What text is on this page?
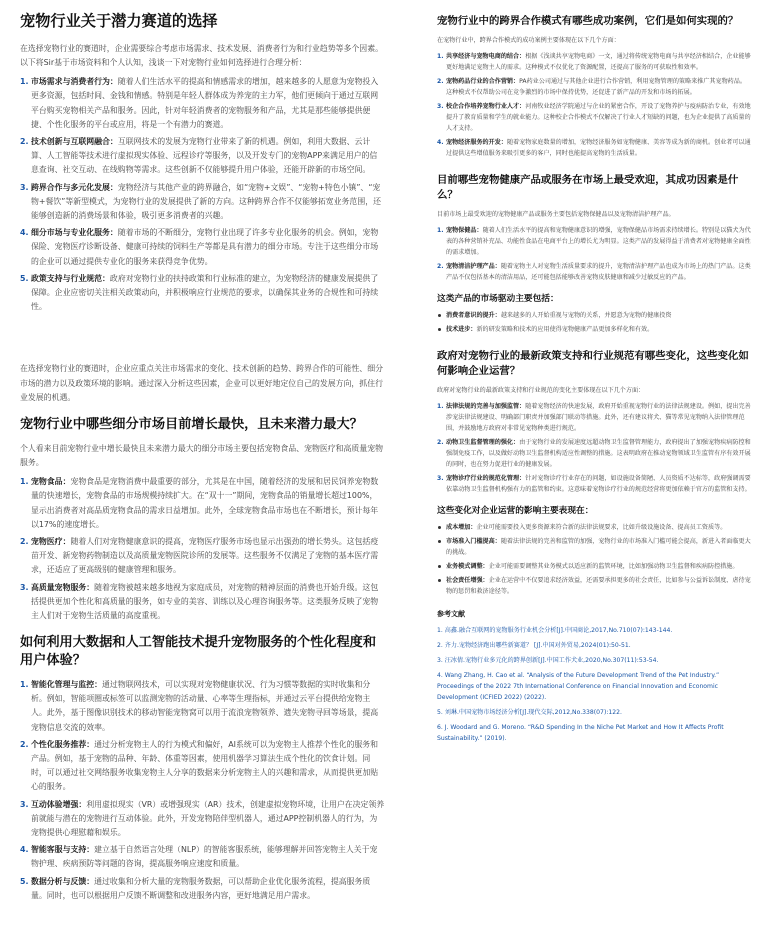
宠物行业关于潜力赛道的选择

在选择宠物行业的赛道时，企业需要综合考虑市场需求、技术发展、消费者行为和行业趋势等多个因素。以下将Sir基于市场资料和个人认知，浅谈一下对宠物行业如何选择进行合理分析：

1. 市场需求与消费者行为：随着人们生活水平的提高和情感需求的增加，越来越多的人愿意为宠物投入更多资源，包括时间、金钱和情感。特别是年轻人群体成为养宠的主力军，他们更倾向于通过互联网平台购买宠物相关产品和服务。因此，针对年轻消费者的宠物服务和产品，尤其是那些能够提供便捷、个性化服务的平台或应用，将是一个有潜力的赛道。
2. 技术创新与互联网融合：互联网技术的发展为宠物行业带来了新的机遇。例如，利用大数据、云计算、人工智能等技术进行虚拟现实体验、远程诊疗等服务，以及开发专门的宠物APP来满足用户的信息查询、社交互动、在线购物等需求。这些创新不仅能够提升用户体验，还能开辟新的市场空间。
3. 跨界合作与多元化发展：宠物经济与其他产业的跨界融合，如“宠物+文娱”、“宠物+特色小镇”、“宠物+餐饮”等新型模式，为宠物行业的发展提供了新的方向。这种跨界合作不仅能够拓宽业务范围，还能够创造新的消费场景和体验，吸引更多消费者的兴趣。
4. 细分市场与专业化服务：随着市场的不断细分，宠物行业出现了许多专业化服务的机会。例如，宠物保险、宠物医疗诊断设备、健康可持续的饲料生产等都是具有潜力的细分市场。专注于这些细分市场的企业可以通过提供专业化的服务来获得竞争优势。
5. 政策支持与行业规范：政府对宠物行业的扶持政策和行业标准的建立，为宠物经济的健康发展提供了保障。企业应密切关注相关政策动向，并积极响应行业规范的要求，以确保其业务的合规性和可持续性。

在选择宠物行业的赛道时，企业应重点关注市场需求的变化、技术创新的趋势、跨界合作的可能性、细分市场的潜力以及政策环境的影响。通过深入分析这些因素，企业可以更好地定位自己的发展方向，抓住行业发展的机遇。

宠物行业中哪些细分市场目前增长最快，且未来潜力最大？

个人看来目前宠物行业中增长最快且未来潜力最大的细分市场主要包括宠物食品、宠物医疗和高质量宠物服务。

1. 宠物食品：宠物食品是宠物消费中最重要的部分，尤其是在中国，随着经济的发展和居民饲养宠物数量的快速增长，宠物食品的市场规模持续扩大。在“双十一”期间，宠物食品的销量增长超过100%，显示出消费者对高品质宠物食品的需求日益增加。此外，全球宠物食品市场也在不断增长，预计每年以17%的速度增长。
2. 宠物医疗：随着人们对宠物健康意识的提高，宠物医疗服务市场也显示出强劲的增长势头。这包括疫苗开发、新宠物药物制造以及高质量宠物医院诊所的发展等。这些服务不仅满足了宠物的基本医疗需求，还适应了更高级别的健康管理和服务。
3. 高质量宠物服务：随着宠物被越来越多地视为家庭成员，对宠物的精神层面的消费也开始升级。这包括提供更加个性化和高质量的服务，如专业的美容、训练以及心理咨询服务等。这类服务反映了宠物主人们对于宠物生活质量的高度重视。
如何利用大数据和人工智能技术提升宠物服务的个性化程度和用户体验？
1. 智能化管理与监控：通过物联网技术，可以实现对宠物健康状况、行为习惯等数据的实时收集和分析。例如，智能项圈或标签可以监测宠物的活动量、心率等生理指标，并通过云平台提供给宠物主人。此外，基于图像识别技术的移动智能宠物窝可以用于流浪宠物领养、遗失宠物寻回等场景，提高宠物信息交流的效率。
2. 个性化服务推荐：通过分析宠物主人的行为模式和偏好，AI系统可以为宠物主人推荐个性化的服务和产品。例如，基于宠物的品种、年龄、体重等因素，使用机器学习算法生成个性化的饮食计划。同时，可以通过社交网络服务收集宠物主人分享的数据来分析宠物主人的兴趣和需求，从而提供更加贴心的服务。
3. 互动体验增强：利用虚拟现实（VR）或增强现实（AR）技术，创建虚拟宠物环境，让用户在决定领养前就能与潜在的宠物进行互动体验。此外，开发宠物陪伴型机器人，通过APP控制机器人的行为，为宠物提供心理慰藉和娱乐。
4. 智能客服与支持：建立基于自然语言处理（NLP）的智能客服系统，能够理解并回答宠物主人关于宠物护理、疾病预防等问题的咨询，提高服务响应速度和质量。
5. 数据分析与反馈：通过收集和分析大量的宠物服务数据，可以帮助企业优化服务流程，提高服务质量。同时，也可以根据用户反馈不断调整和改进服务内容，更好地满足用户需求。
宠物行业中的跨界合作模式有哪些成功案例，它们是如何实现的？

在宠物行业中，跨界合作模式的成功案例主要体现在以下几个方面：

1. 共享经济与宠物电商的结合：根据《浅谈共享宠物电商》一文，通过将传统宠物电商与共享经济相结合，企业能够更好地满足宠物主人的需求。这种模式不仅优化了资源配置，还提高了服务的可获取性和效率。
2. 宠物药品行业的合作营销：PA药业公司通过与其他企业进行合作营销，利用宠物管理的策略来推广其宠物药品。这种模式不仅帮助公司在竞争激烈的市场中保持优势，还促进了新产品的开发和市场的拓展。
3. 校企合作培养宠物行业人才：河南牧业经济学院通过与企业的紧密合作，开设了宠物养护与疫病防治专业，有效地提升了教育质量和学生的就业能力。这种校企合作模式不仅解决了行业人才短缺的问题，也为企业提供了高质量的人才支持。
4. 宠物经济服务的开发：随着宠物家庭数量的增加，宠物经济服务如宠物健康、美容等成为新的商机。创业者可以通过提供这些增值服务来吸引更多的客户，同时也能提高宠物的生活质量。
目前哪些宠物健康产品或服务在市场上最受欢迎，其成功因素是什么？

目前市场上最受欢迎的宠物健康产品或服务主要包括宠物保健品以及宠物清洁护理产品。

1. 宠物保健品：随着人们生活水平的提高和宠物健康意识的增强，宠物保健品市场需求持续增长。特别是以猫犬为代表的各种营销补充品、功能性食品在电商平台上的增长尤为明显。这类产品的发展得益于消费者对宠物健康全面性的需求增加。
2. 宠物清洁护理产品：随着宠物主人对宠物生活质量要求的提升，宠物清洁护理产品也成为市场上的热门产品。这类产品不仅包括基本的清洁用品，还可能包括能够改善宠物皮肤健康和减少过敏反应的产品。
这类产品的市场驱动主要包括：
消费者意识的提升：越来越多的人开始重视与宠物的关系，并愿意为宠物的健康投资
技术进步：新的研发策略和技术的应用使得宠物健康产品更加多样化和有效。
政府对宠物行业的最新政策支持和行业规范有哪些变化，这些变化如何影响企业运营？

政府对宠物行业的最新政策支持和行业规范的变化主要体现在以下几个方面：

1. 法律法规的完善与加强监管：随着宠物经济的快速发展，政府开始重视宠物行业的法律法规建设。例如，提出完善涉宠法律法规建设、明确部门职责并加强部门联动等措施。此外，还有建议将犬、猫等常见宠物纳入法律管理范围，并鼓励地方政府对非常见宠物种类进行规范。
2. 动物卫生监督管理的强化：由于宠物行业的发展速度远超动物卫生监督管理能力，政府提出了加强宠物疾病防控和强制免疫工作，以及做好动物卫生监督机构适应性调整的措施。这表明政府在推动宠物领域卫生监管有序有效开展的同时，也在努力促进行业的健康发展。
3. 宠物诊疗行业的规范化管理：针对宠物诊疗行业存在的问题，如设施设备简陋、人员资质不达标等，政府强调需要依靠动物卫生监督机构强有力的监管和约束。这意味着宠物诊疗行业的规范经营将更加依赖于官方的监管和支持。
这些变化对企业运营的影响主要表现在：
成本增加：企业可能需要投入更多资源来符合新的法律法规要求，比如升级设施设备、提高员工资质等。
市场准入门槛提高：随着法律法规的完善和监管的加强，宠物行业的市场准入门槛可能会提高，新进入者面临更大的挑战。
业务模式调整：企业可能需要调整其业务模式以适应新的监管环境，比如加强动物卫生监督和疾病防控措施。
社会责任增强：企业在运营中不仅要追求经济效益，还需要承担更多的社会责任，比如参与公益诉讼制度、虐待宠物的惩罚和救济途径等。
参考文献
1. 高鑫.融合互联网的宠物服务行业机会分析[J].中国商论,2017,No.710(07):143-144.
2. 齐力.宠物经济跑出哪些新赛道？ [J].中国对外贸易,2024(01):50-51.
3. 汪冰倩.宠物行业多元化的跨界创新[J].中国工作犬业,2020,No.307(11):53-54.
4. Wang Zhang, H. Cao et al. “Analysis of the Future Development Trend of the Pet Industry.” Proceedings of the 2022 7th International Conference on Financial Innovation and Economic Development (ICFIED 2022) (2022).
5. 刘琳.中国宠物市场经济分析[J].现代交际,2012,No.338(07):122.
6. J. Woodard and G. Moreno. “R&D Spending In the Niche Pet Market and How It Affects Profit Sustainability.” (2019).
